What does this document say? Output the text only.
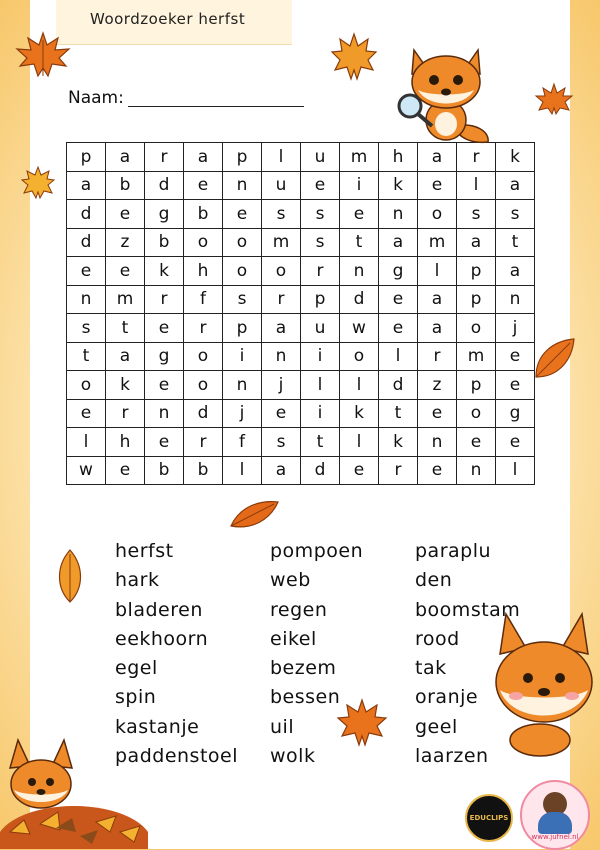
Woordzoeker herfst
Naam:
p	a	r	a	p	l	u	m	h	a	r	k
a	b	d	e	n	u	e	i	k	e	l	a
d	e	g	b	e	s	s	e	n	o	s	s
d	z	b	o	o	m	s	t	a	m	a	t
e	e	k	h	o	o	r	n	g	l	p	a
n	m	r	f	s	r	p	d	e	a	p	n
s	t	e	r	p	a	u	w	e	a	o	j
t	a	g	o	i	n	i	o	l	r	m	e
o	k	e	o	n	j	l	l	d	z	p	e
e	r	n	d	j	e	i	k	t	e	o	g
l	h	e	r	f	s	t	l	k	n	e	e
w	e	b	b	l	a	d	e	r	e	n	l
herfst
hark
bladeren
eekhoorn
egel
spin
kastanje
paddenstoel
pompoen
web
regen
eikel
bezem
bessen
uil
wolk
paraplu
den
boomstam
rood
tak
oranje
geel
laarzen
EDUCLIPS
www.jufnel.nl
